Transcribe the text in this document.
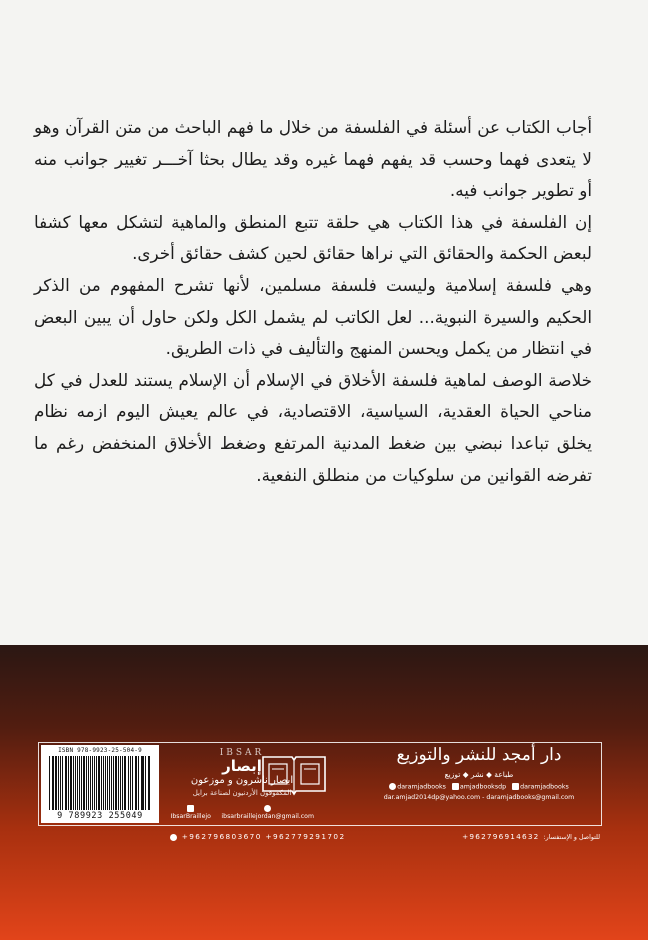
أجاب الكتاب عن أسئلة في الفلسفة من خلال ما فهم الباحث من متن القرآن وهو لا يتعدى فهما وحسب قد يفهم فهما غيره وقد يطال بحثا آخـــر تغيير جوانب منه أو تطوير جوانب فيه.

إن الفلسفة في هذا الكتاب هي حلقة تتبع المنطق والماهية لتشكل معها كشفا لبعض الحكمة والحقائق التي نراها حقائق لحين كشف حقائق أخرى.

وهي فلسفة إسلامية وليست فلسفة مسلمين، لأنها تشرح المفهوم من الذكر الحكيم والسيرة النبوية... لعل الكاتب لم يشمل الكل ولكن حاول أن يبين البعض في انتظار من يكمل ويحسن المنهج والتأليف في ذات الطريق.

خلاصة الوصف لماهية فلسفة الأخلاق في الإسلام أن الإسلام يستند للعدل في كل مناحي الحياة العقدية، السياسية، الاقتصادية، في عالم يعيش اليوم ازمه نظام يخلق تباعدا نبضي بين ضغط المدنية المرتفع وضغط الأخلاق المنخفض رغم ما تفرضه القوانين من سلوكيات من منطلق النفعية.

ISBN 978-9923-25-504-9
9 789923 255049
IBSAR
إبصار
ابصار ناشرون و موزعون
المكفوفون الأردنيون لصناعة برايل
IbsarBraillejo	ibsarbraillejordan@gmail.com
دار أمجد للنشر والتوزيع
طباعة ◆ نشر ◆ توزيع
daramjadbooks	amjadbooksdp	daramjadbooks
dar.amjad2014dp@yahoo.com - daramjadbooks@gmail.com
+962796803670 +962779291702	+962796914632 للتواصل و الإستفسار:
